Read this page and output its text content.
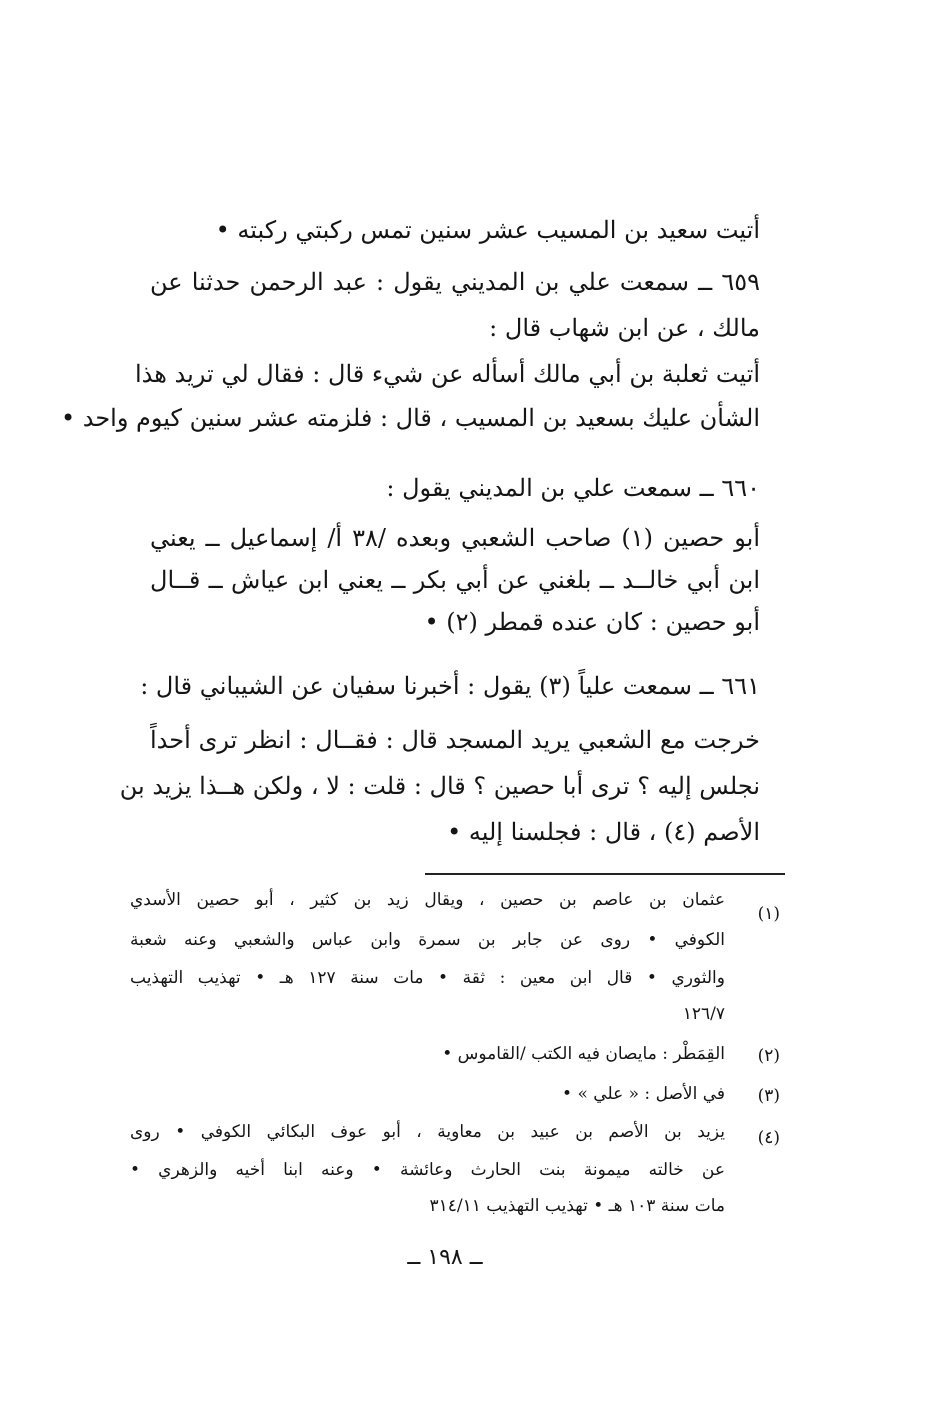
أتيت سعيد بن المسيب عشر سنين تمس ركبتي ركبته •
٦٥٩ ــ سمعت علي بن المديني يقول : عبد الرحمن حدثنا عن
مالك ، عن ابن شهاب قال :
أتيت ثعلبة بن أبي مالك أسأله عن شيء قال : فقال لي تريد هذا
الشأن عليك بسعيد بن المسيب ، قال : فلزمته عشر سنين كيوم واحد •
٦٦٠ ــ سمعت علي بن المديني يقول :
أبو حصين (١) صاحب الشعبي وبعده /٣٨ أ/ إسماعيل ــ يعني
ابن أبي خالــد ــ بلغني عن أبي بكر ــ يعني ابن عياش ــ قــال
أبو حصين : كان عنده قمطر (٢) •
٦٦١ ــ سمعت علياً (٣) يقول : أخبرنا سفيان عن الشيباني قال :
خرجت مع الشعبي يريد المسجد قال : فقــال : انظر ترى أحداً
نجلس إليه ؟ ترى أبا حصين ؟ قال : قلت : لا ، ولكن هــذا يزيد بن
الأصم (٤) ، قال : فجلسنا إليه •
(١)
عثمان بن عاصم بن حصين ، ويقال زيد بن كثير ، أبو حصين الأسدي
الكوفي • روى عن جابر بن سمرة وابن عباس والشعبي وعنه شعبة
والثوري • قال ابن معين : ثقة • مات سنة ١٢٧ هـ • تهذيب التهذيب
١٢٦/٧
(٢)
القِمَطْر : مايصان فيه الكتب /القاموس •
(٣)
في الأصل : « علي » •
(٤)
يزيد بن الأصم بن عبيد بن معاوية ، أبو عوف البكائي الكوفي • روى
عن خالته ميمونة بنت الحارث وعائشة • وعنه ابنا أخيه والزهري •
مات سنة ١٠٣ هـ • تهذيب التهذيب ٣١٤/١١
ــ ١٩٨ ــ
